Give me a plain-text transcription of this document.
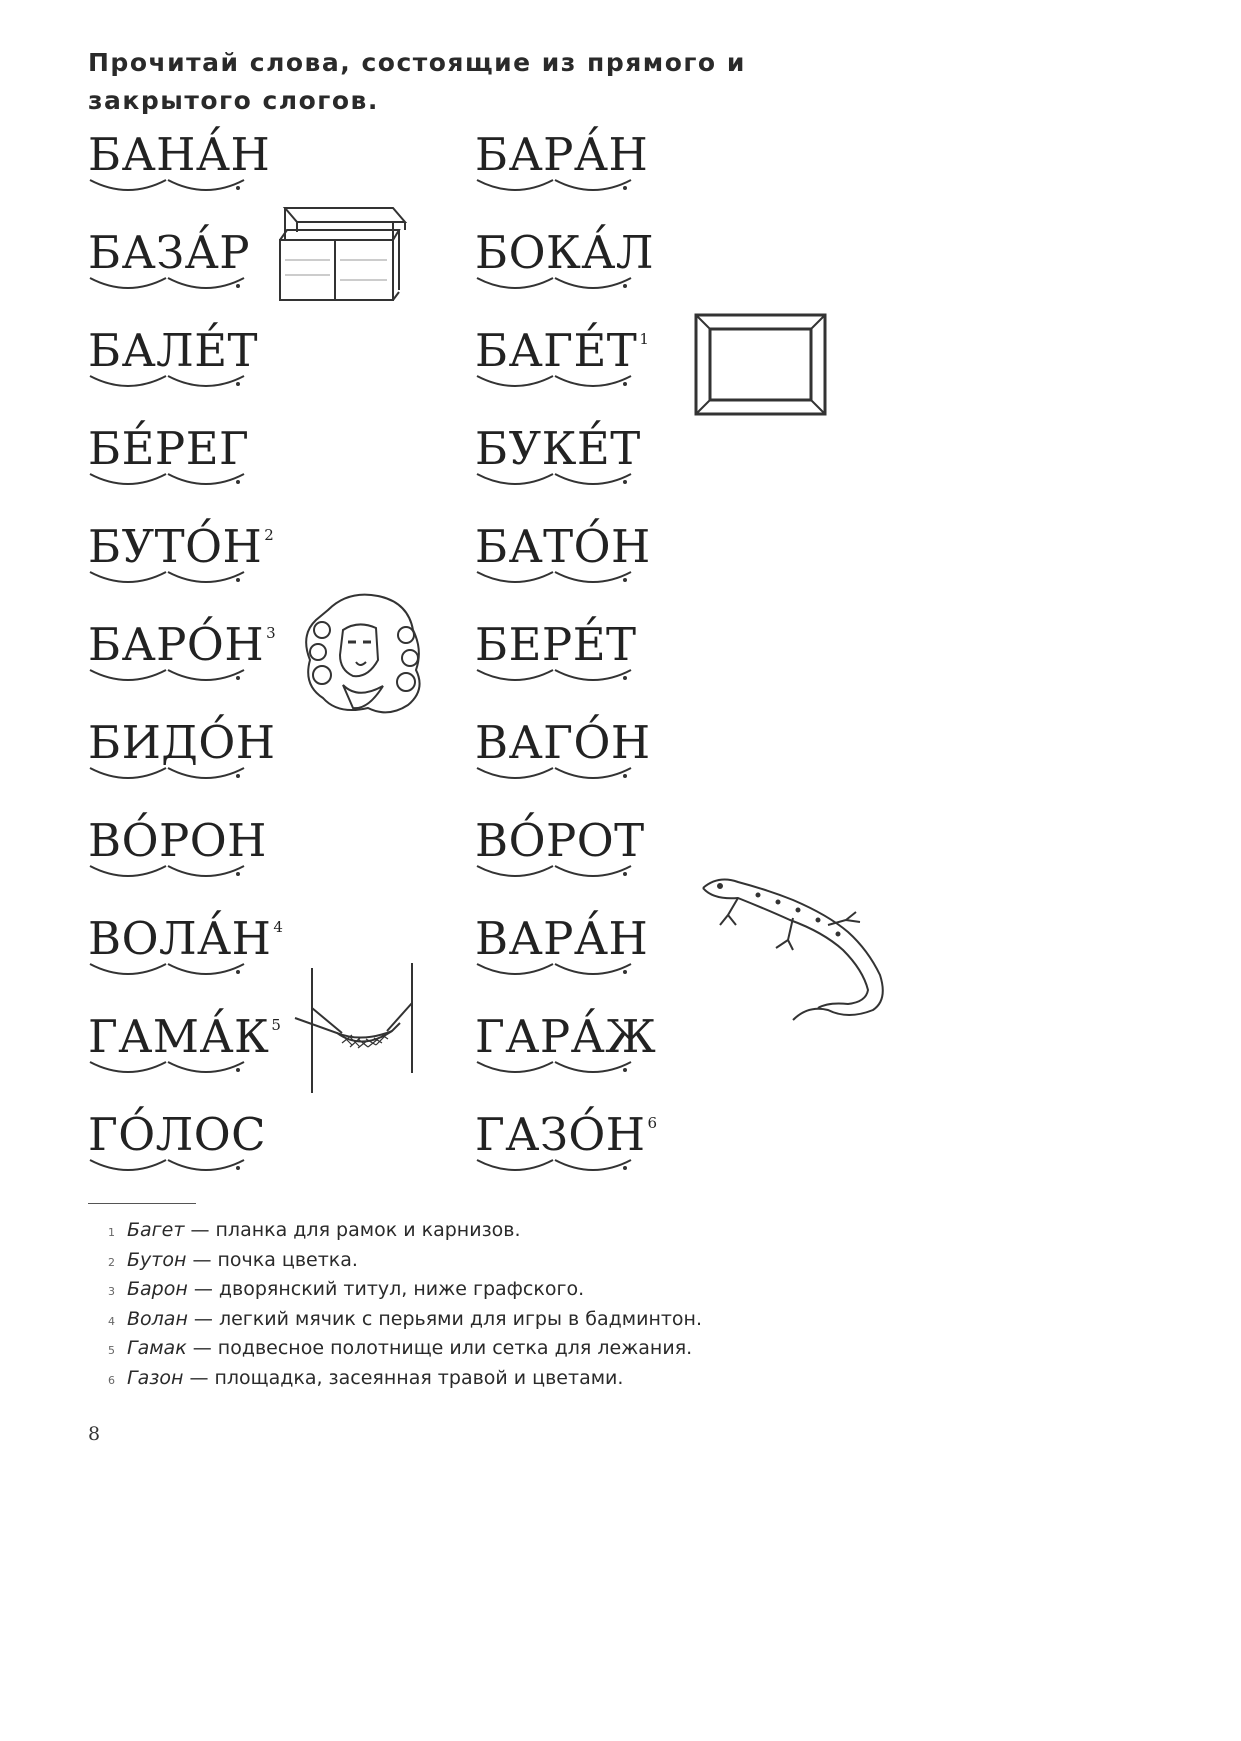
Прочитай слова, состоящие из прямого и закрытого слогов.
БАНА́Н
БАЗА́Р
БАЛЕ́Т
БЕ́РЕГ
БУТО́Н $^2$
БАРО́Н $^3$
БИДО́Н
ВО́РОН
ВОЛА́Н $^4$
ГАМА́К $^5$
ГО́ЛОС
БАРА́Н
БОКА́Л
БАГЕ́Т $^1$
БУКЕ́Т
БАТО́Н
БЕРЕ́Т
ВАГО́Н
ВО́РОТ
ВАРА́Н
ГАРА́Ж
ГАЗО́Н $^6$
$^1$ Багет — планка для рамок и карнизов.
$^2$ Бутон — почка цветка.
$^3$ Барон — дворянский титул, ниже графского.
$^4$ Волан — легкий мячик с перьями для игры в бадминтон.
$^5$ Гамак — подвесное полотнище или сетка для лежания.
$^6$ Газон — площадка, засеянная травой и цветами.
8
